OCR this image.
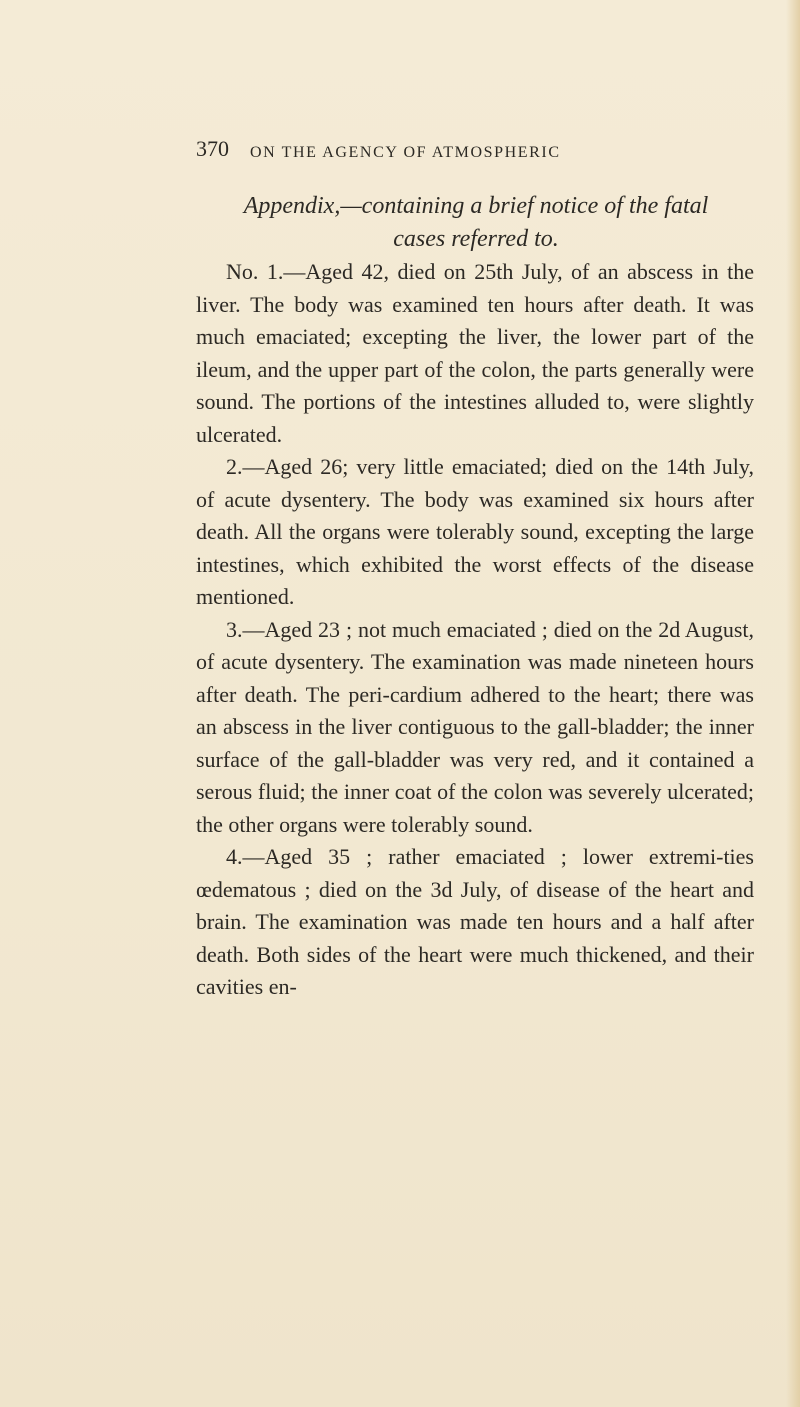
370 ON THE AGENCY OF ATMOSPHERIC
Appendix,—containing a brief notice of the fatal
cases referred to.

No. 1.—Aged 42, died on 25th July, of an abscess in the liver. The body was examined ten hours after death. It was much emaciated; excepting the liver, the lower part of the ileum, and the upper part of the colon, the parts generally were sound. The portions of the intestines alluded to, were slightly ulcerated.

2.—Aged 26; very little emaciated; died on the 14th July, of acute dysentery. The body was examined six hours after death. All the organs were tolerably sound, excepting the large intestines, which exhibited the worst effects of the disease mentioned.

3.—Aged 23 ; not much emaciated ; died on the 2d August, of acute dysentery. The examination was made nineteen hours after death. The peri-cardium adhered to the heart; there was an abscess in the liver contiguous to the gall-bladder; the inner surface of the gall-bladder was very red, and it contained a serous fluid; the inner coat of the colon was severely ulcerated; the other organs were tolerably sound.

4.—Aged 35 ; rather emaciated ; lower extremi-ties œdematous ; died on the 3d July, of disease of the heart and brain. The examination was made ten hours and a half after death. Both sides of the heart were much thickened, and their cavities en-
